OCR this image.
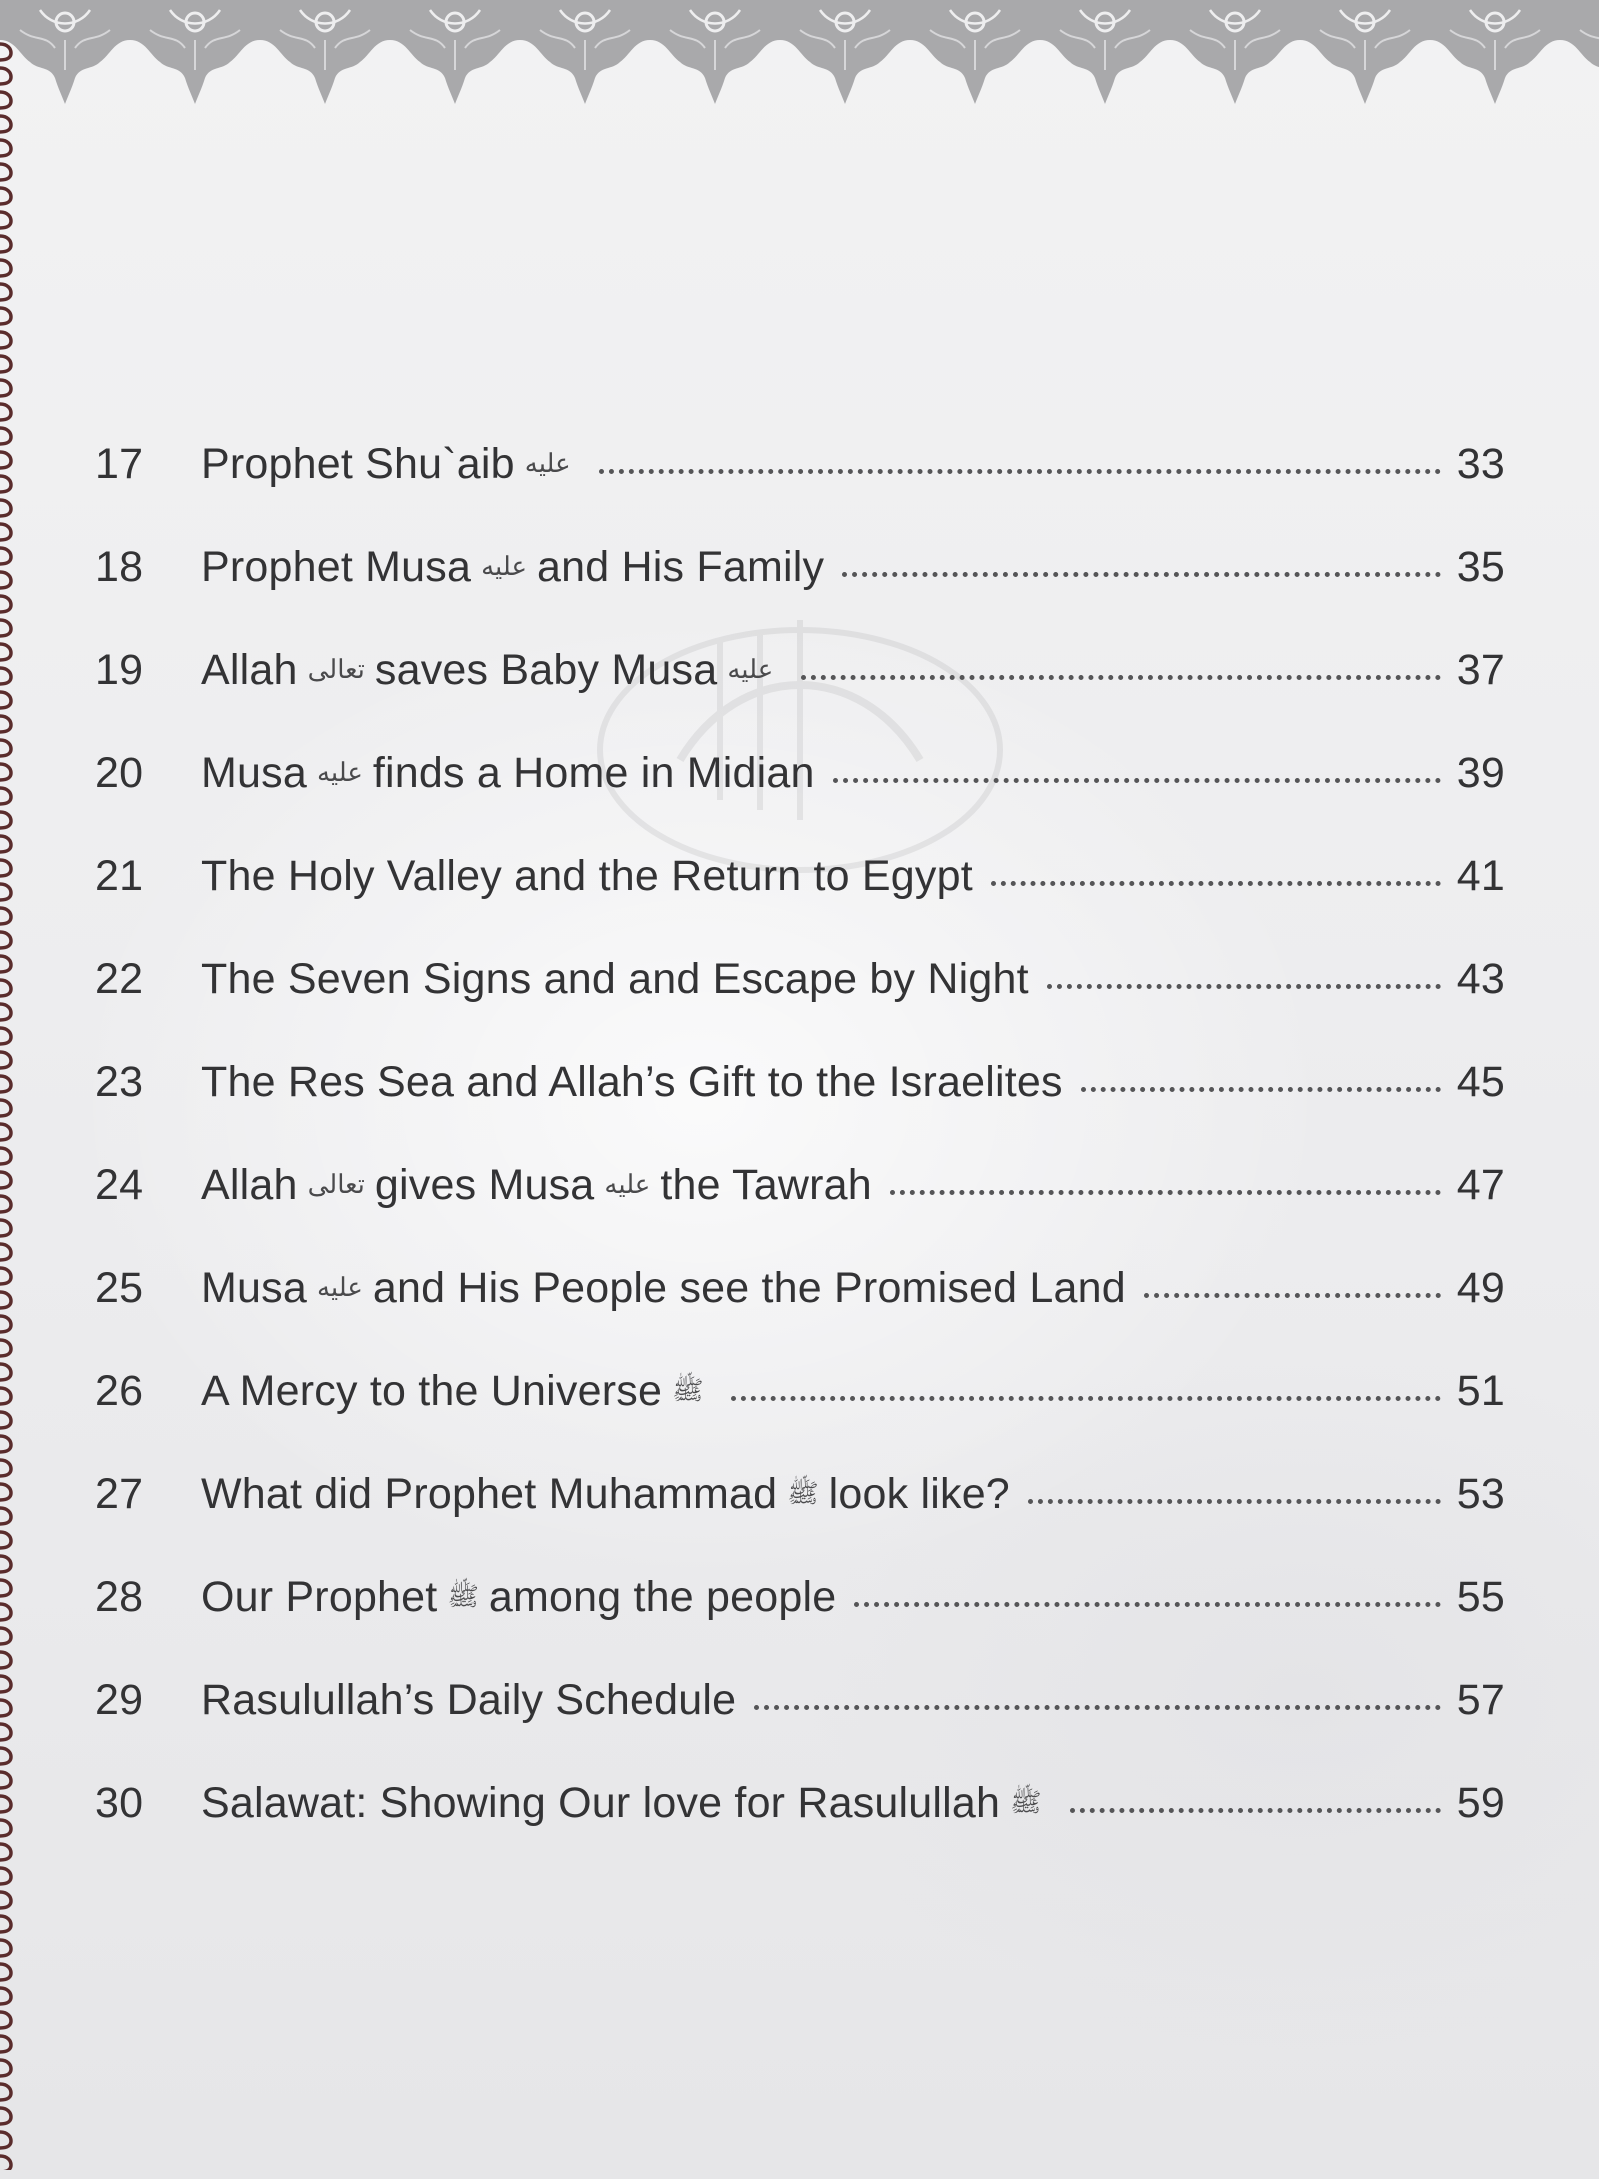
17	Prophet Shu`aib عليه	33
18	Prophet Musa عليه and His Family	35
19	Allah تعالى saves Baby Musa عليه	37
20	Musa عليه finds a Home in Midian	39
21	The Holy Valley and the Return to Egypt	41
22	The Seven Signs and and Escape by Night	43
23	The Res Sea and Allah’s Gift to the Israelites	45
24	Allah تعالى gives Musa عليه the Tawrah	47
25	Musa عليه and His People see the Promised Land	49
26	A Mercy to the Universe ﷺ	51
27	What did Prophet Muhammad ﷺ look like?	53
28	Our Prophet ﷺ among the people	55
29	Rasulullah’s Daily Schedule	57
30	Salawat: Showing Our love for Rasulullah ﷺ	59
